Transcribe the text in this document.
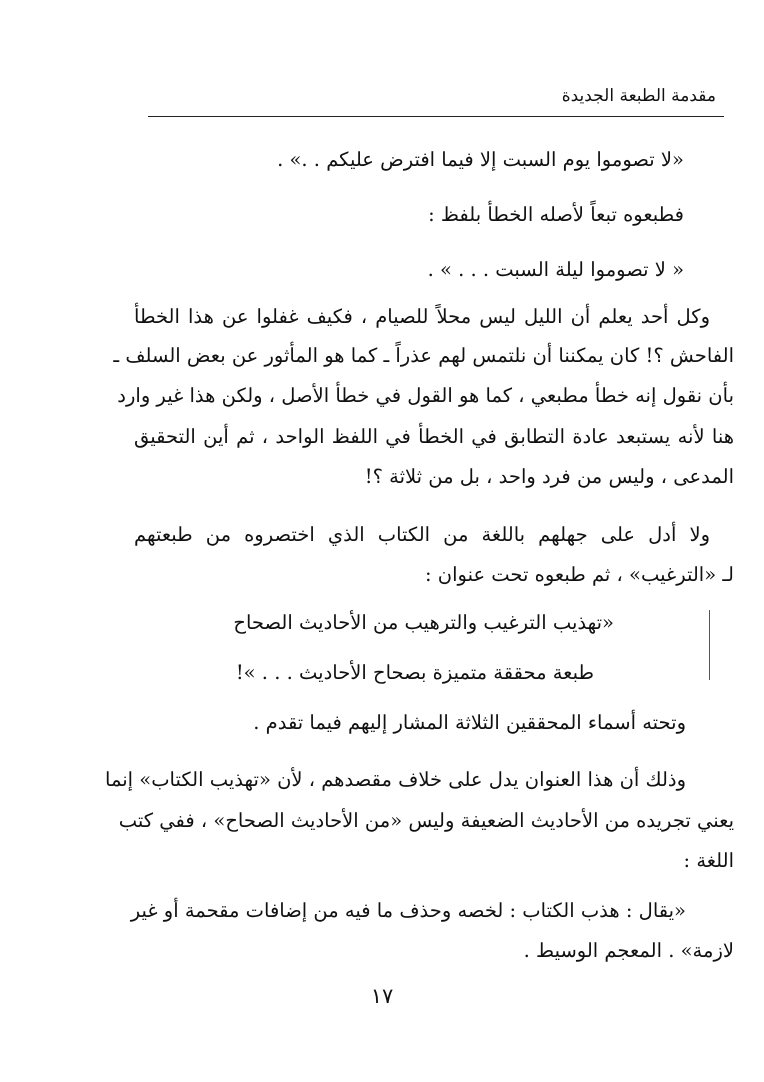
مقدمة الطبعة الجديدة
«لا تصوموا يوم السبت إلا فيما افترض عليكم . .» .
فطبعوه تبعاً لأصله الخطأ بلفظ :
« لا تصوموا ليلة السبت . . . » .
وكل أحد يعلم أن الليل ليس محلاً للصيام ، فكيف غفلوا عن هذا الخطأ
الفاحش ؟! كان يمكننا أن نلتمس لهم عذراً ـ كما هو المأثور عن بعض السلف ـ
بأن نقول إنه خطأ مطبعي ، كما هو القول في خطأ الأصل ، ولكن هذا غير وارد
هنا لأنه يستبعد عادة التطابق في الخطأ في اللفظ الواحد ، ثم أين التحقيق
المدعى ، وليس من فرد واحد ، بل من ثلاثة ؟!
ولا أدل على جهلهم باللغة من الكتاب الذي اختصروه من طبعتهم
لـ «الترغيب» ، ثم طبعوه تحت عنوان :
«تهذيب الترغيب والترهيب من الأحاديث الصحاح
طبعة محققة متميزة بصحاح الأحاديث . . . »!
وتحته أسماء المحققين الثلاثة المشار إليهم فيما تقدم .
وذلك أن هذا العنوان يدل على خلاف مقصدهم ، لأن «تهذيب الكتاب» إنما
يعني تجريده من الأحاديث الضعيفة وليس «من الأحاديث الصحاح» ، ففي كتب
اللغة :
«يقال : هذب الكتاب : لخصه وحذف ما فيه من إضافات مقحمة أو غير
لازمة» . المعجم الوسيط .
١٧
